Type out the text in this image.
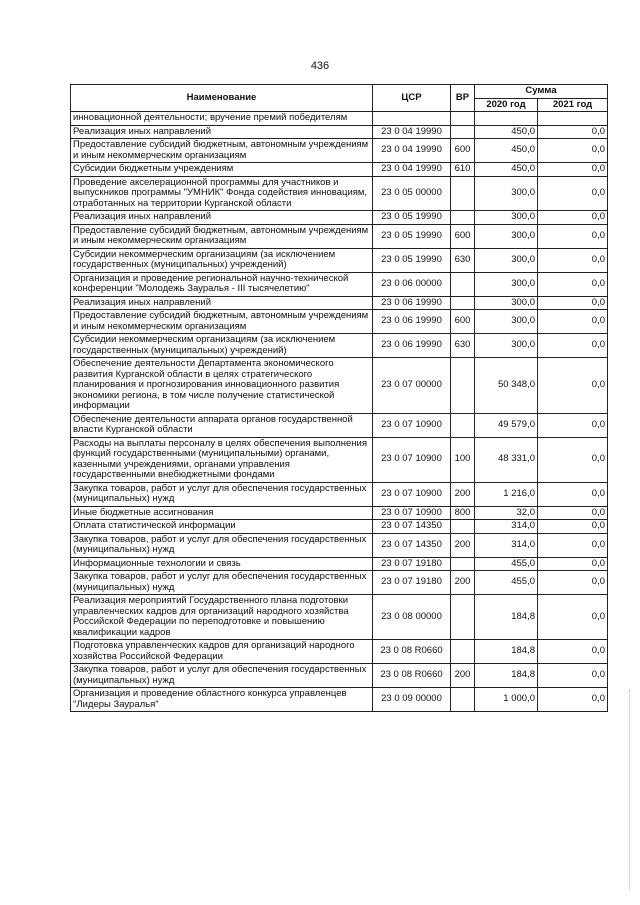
436
Наименование	ЦСР	ВР	Сумма	
			2020 год	2021 год
инновационной деятельности; вручение премий победителям				
Реализация иных направлений	23 0 04 19990		450,0	0,0
Предоставление субсидий бюджетным, автономным учреждениям и иным некоммерческим организациям	23 0 04 19990	600	450,0	0,0
Субсидии бюджетным учреждениям	23 0 04 19990	610	450,0	0,0
Проведение акселерационной программы для участников и выпускников программы "УМНИК" Фонда содействия инновациям, отработанных на территории Курганской области	23 0 05 00000		300,0	0,0
Реализация иных направлений	23 0 05 19990		300,0	0,0
Предоставление субсидий бюджетным, автономным учреждениям и иным некоммерческим организациям	23 0 05 19990	600	300,0	0,0
Субсидии некоммерческим организациям (за исключением государственных (муниципальных) учреждений)	23 0 05 19990	630	300,0	0,0
Организация и проведение региональной научно-технической конференции "Молодежь Зауралья - III тысячелетию"	23 0 06 00000		300,0	0,0
Реализация иных направлений	23 0 06 19990		300,0	0,0
Предоставление субсидий бюджетным, автономным учреждениям и иным некоммерческим организациям	23 0 06 19990	600	300,0	0,0
Субсидии некоммерческим организациям (за исключением государственных (муниципальных) учреждений)	23 0 06 19990	630	300,0	0,0
Обеспечение деятельности Департамента экономического развития Курганской области в целях стратегического планирования и прогнозирования инновационного развития экономики региона, в том числе получение статистической информации	23 0 07 00000		50 348,0	0,0
Обеспечение деятельности аппарата органов государственной власти Курганской области	23 0 07 10900		49 579,0	0,0
Расходы на выплаты персоналу в целях обеспечения выполнения функций государственными (муниципальными) органами, казенными учреждениями, органами управления государственными внебюджетными фондами	23 0 07 10900	100	48 331,0	0,0
Закупка товаров, работ и услуг для обеспечения государственных (муниципальных) нужд	23 0 07 10900	200	1 216,0	0,0
Иные бюджетные ассигнования	23 0 07 10900	800	32,0	0,0
Оплата статистической информации	23 0 07 14350		314,0	0,0
Закупка товаров, работ и услуг для обеспечения государственных (муниципальных) нужд	23 0 07 14350	200	314,0	0,0
Информационные технологии и связь	23 0 07 19180		455,0	0,0
Закупка товаров, работ и услуг для обеспечения государственных (муниципальных) нужд	23 0 07 19180	200	455,0	0,0
Реализация мероприятий Государственного плана подготовки управленческих кадров для организаций народного хозяйства Российской Федерации по переподготовке и повышению квалификации кадров	23 0 08 00000		184,8	0,0
Подготовка управленческих кадров для организаций народного хозяйства Российской Федерации	23 0 08 R0660		184,8	0,0
Закупка товаров, работ и услуг для обеспечения государственных (муниципальных) нужд	23 0 08 R0660	200	184,8	0,0
Организация и проведение областного конкурса управленцев "Лидеры Зауралья"	23 0 09 00000		1 000,0	0,0
